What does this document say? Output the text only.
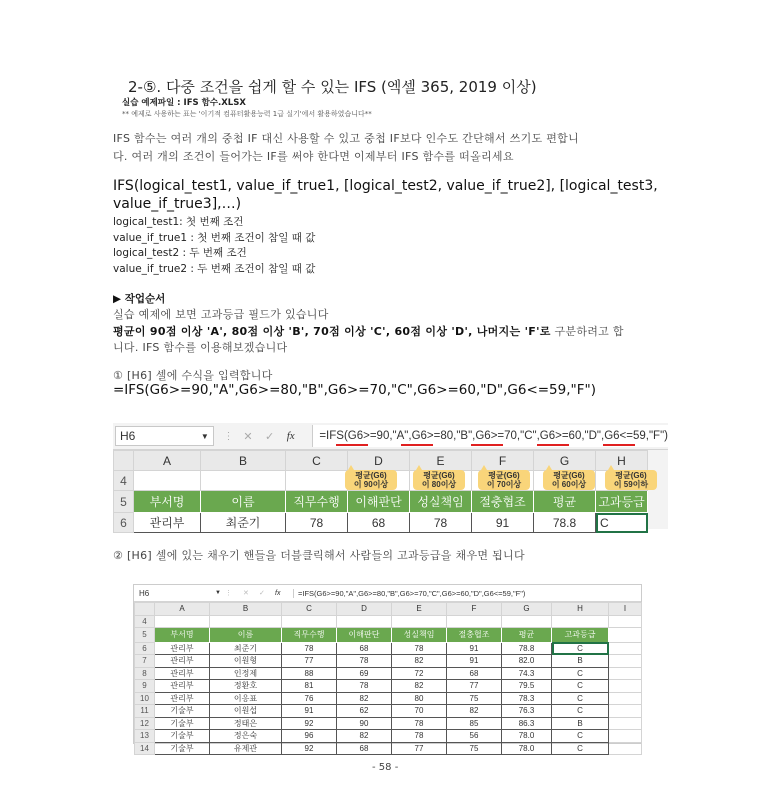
2-⑤. 다중 조건을 쉽게 할 수 있는 IFS (엑셀 365, 2019 이상)
실습 예제파일 : IFS 함수.XLSX
** 예제로 사용하는 표는 '이기적 컴퓨터활용능력 1급 실기'에서 활용하였습니다**
IFS 함수는 여러 개의 중첩 IF 대신 사용할 수 있고 중첩 IF보다 인수도 간단해서 쓰기도 편합니
다. 여러 개의 조건이 들어가는 IF를 써야 한다면 이제부터 IFS 함수를 떠올리세요
IFS(logical_test1, value_if_true1, [logical_test2, value_if_true2], [logical_test3,
value_if_true3],…)
logical_test1: 첫 번째 조건
value_if_true1 : 첫 번째 조건이 참일 때 값
logical_test2 : 두 번째 조건
value_if_true2 : 두 번째 조건이 참일 때 값
▶ 작업순서
실습 예제에 보면 고과등급 필드가 있습니다
평균이 90점 이상 'A', 80점 이상 'B', 70점 이상 'C', 60점 이상 'D', 나머지는 'F'로 구분하려고 합
니다. IFS 함수를 이용해보겠습니다
① [H6] 셀에 수식을 입력합니다
=IFS(G6>=90,"A",G6>=80,"B",G6>=70,"C",G6>=60,"D",G6<=59,"F")
H6	▼	⋮ ✕	✓	fx	=IFS(G6>=90,"A",G6>=80,"B",G6>=70,"C",G6>=60,"D",G6<=59,"F")
	A	B	C	D	E	F	G	H
4								
5	부서명	이름	직무수행	이해판단	성실책임	절충협조	평균	고과등급
6	관리부	최준기	78	68	78	91	78.8	C
평균(G6)
이 90이상
평균(G6)
이 80이상
평균(G6)
이 70이상
평균(G6)
이 60이상
평균(G6)
이 59이하
② [H6] 셀에 있는 채우기 핸들을 더블클릭해서 사람들의 고과등급을 채우면 됩니다
H6	▼ ⋮	✕	✓	fx	=IFS(G6>=90,"A",G6>=80,"B",G6>=70,"C",G6>=60,"D",G6<=59,"F")
	A	B	C	D	E	F	G	H	I
4									
5	부서명	이름	직무수행	이해판단	성실책임	절충협조	평균	고과등급	
6	관리부	최준기	78	68	78	91	78.8	C	
7	관리부	이원형	77	78	82	91	82.0	B	
8	관리부	인정제	88	69	72	68	74.3	C	
9	관리부	정환호	81	78	82	77	79.5	C	
10	관리부	이응표	76	82	80	75	78.3	C	
11	기술부	이원섭	91	62	70	82	76.3	C	
12	기술부	정태은	92	90	78	85	86.3	B	
13	기술부	정은숙	96	82	78	56	78.0	C	
14	기술부	유제관	92	68	77	75	78.0	C	
- 58 -
